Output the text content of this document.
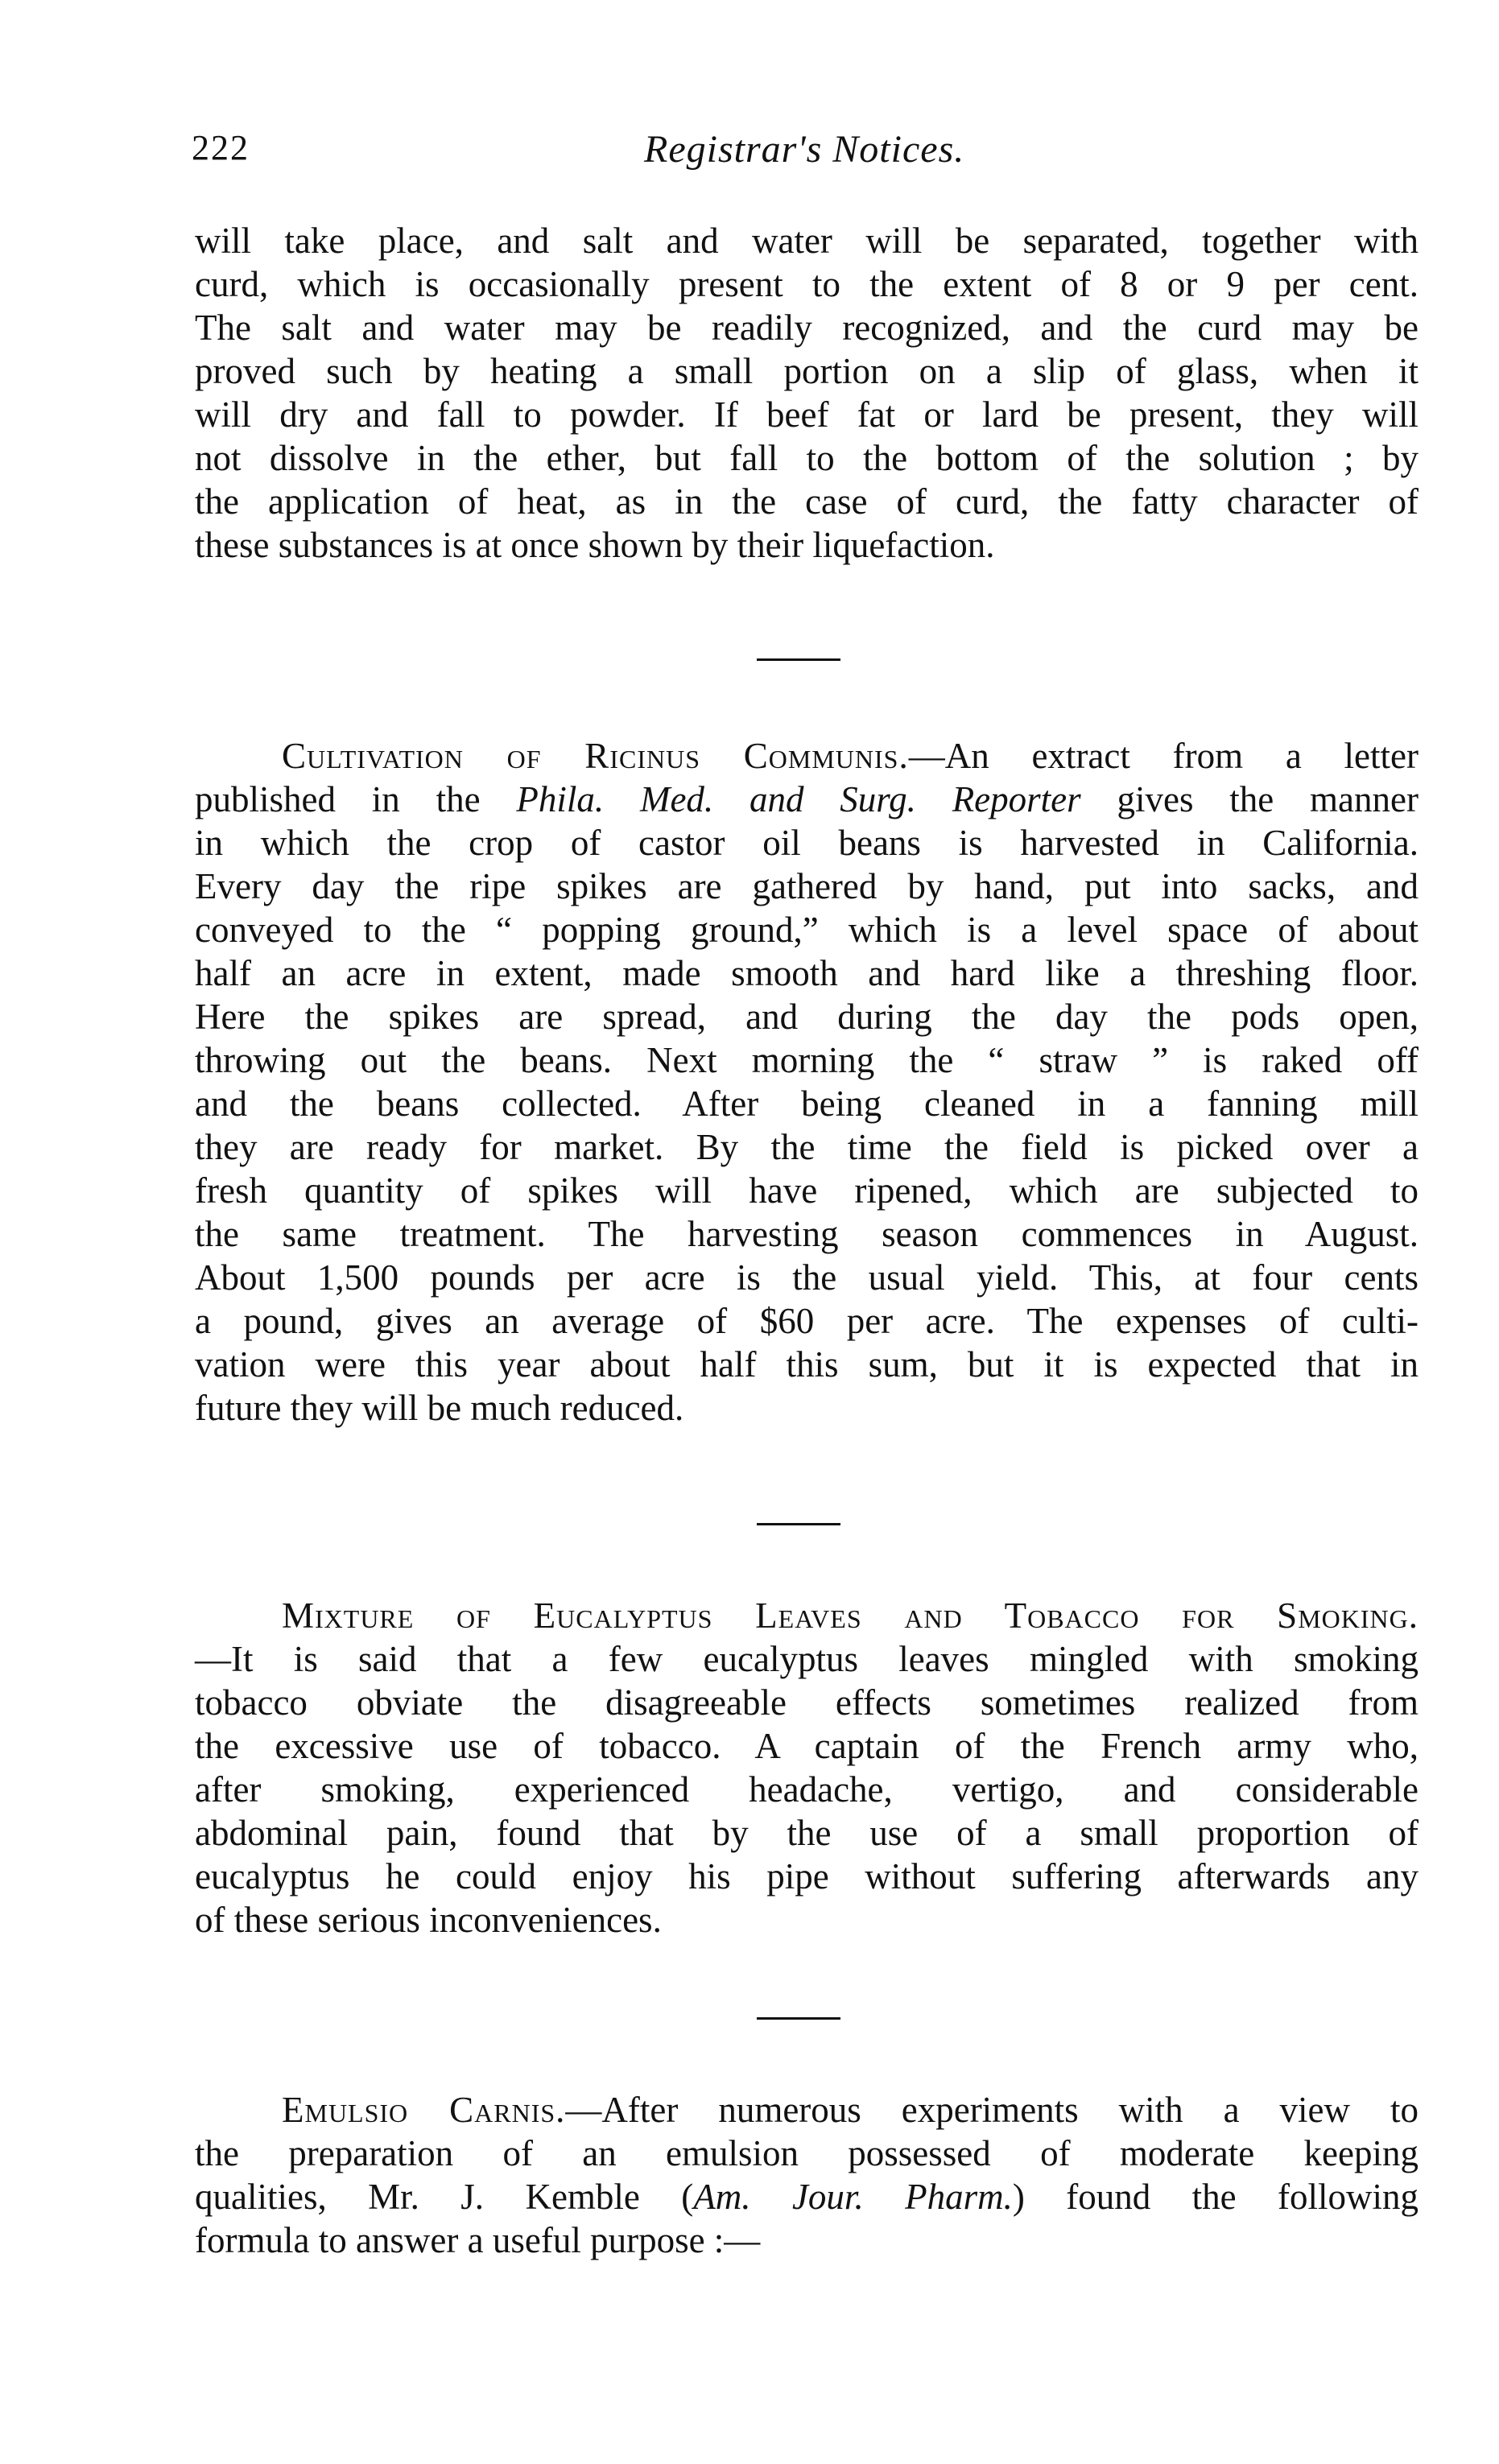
222	Registrar's Notices.
will take place, and salt and water will be separated, together with
curd, which is occasionally present to the extent of 8 or 9 per cent.
The salt and water may be readily recognized, and the curd may be
proved such by heating a small portion on a slip of glass, when it
will dry and fall to powder. If beef fat or lard be present, they will
not dissolve in the ether, but fall to the bottom of the solution ; by
the application of heat, as in the case of curd, the fatty character of
these substances is at once shown by their liquefaction.
Cultivation of Ricinus Communis.—An extract from a letter
published in the Phila. Med. and Surg. Reporter gives the manner
in which the crop of castor oil beans is harvested in California.
Every day the ripe spikes are gathered by hand, put into sacks, and
conveyed to the “ popping ground,” which is a level space of about
half an acre in extent, made smooth and hard like a threshing floor.
Here the spikes are spread, and during the day the pods open,
throwing out the beans. Next morning the “ straw ” is raked off
and the beans collected. After being cleaned in a fanning mill
they are ready for market. By the time the field is picked over a
fresh quantity of spikes will have ripened, which are subjected to
the same treatment. The harvesting season commences in August.
About 1,500 pounds per acre is the usual yield. This, at four cents
a pound, gives an average of $60 per acre. The expenses of culti-
vation were this year about half this sum, but it is expected that in
future they will be much reduced.
Mixture of Eucalyptus Leaves and Tobacco for Smoking.
—It is said that a few eucalyptus leaves mingled with smoking
tobacco obviate the disagreeable effects sometimes realized from
the excessive use of tobacco. A captain of the French army who,
after smoking, experienced headache, vertigo, and considerable
abdominal pain, found that by the use of a small proportion of
eucalyptus he could enjoy his pipe without suffering afterwards any
of these serious inconveniences.
Emulsio Carnis.—After numerous experiments with a view to
the preparation of an emulsion possessed of moderate keeping
qualities, Mr. J. Kemble (Am. Jour. Pharm.) found the following
formula to answer a useful purpose :—
